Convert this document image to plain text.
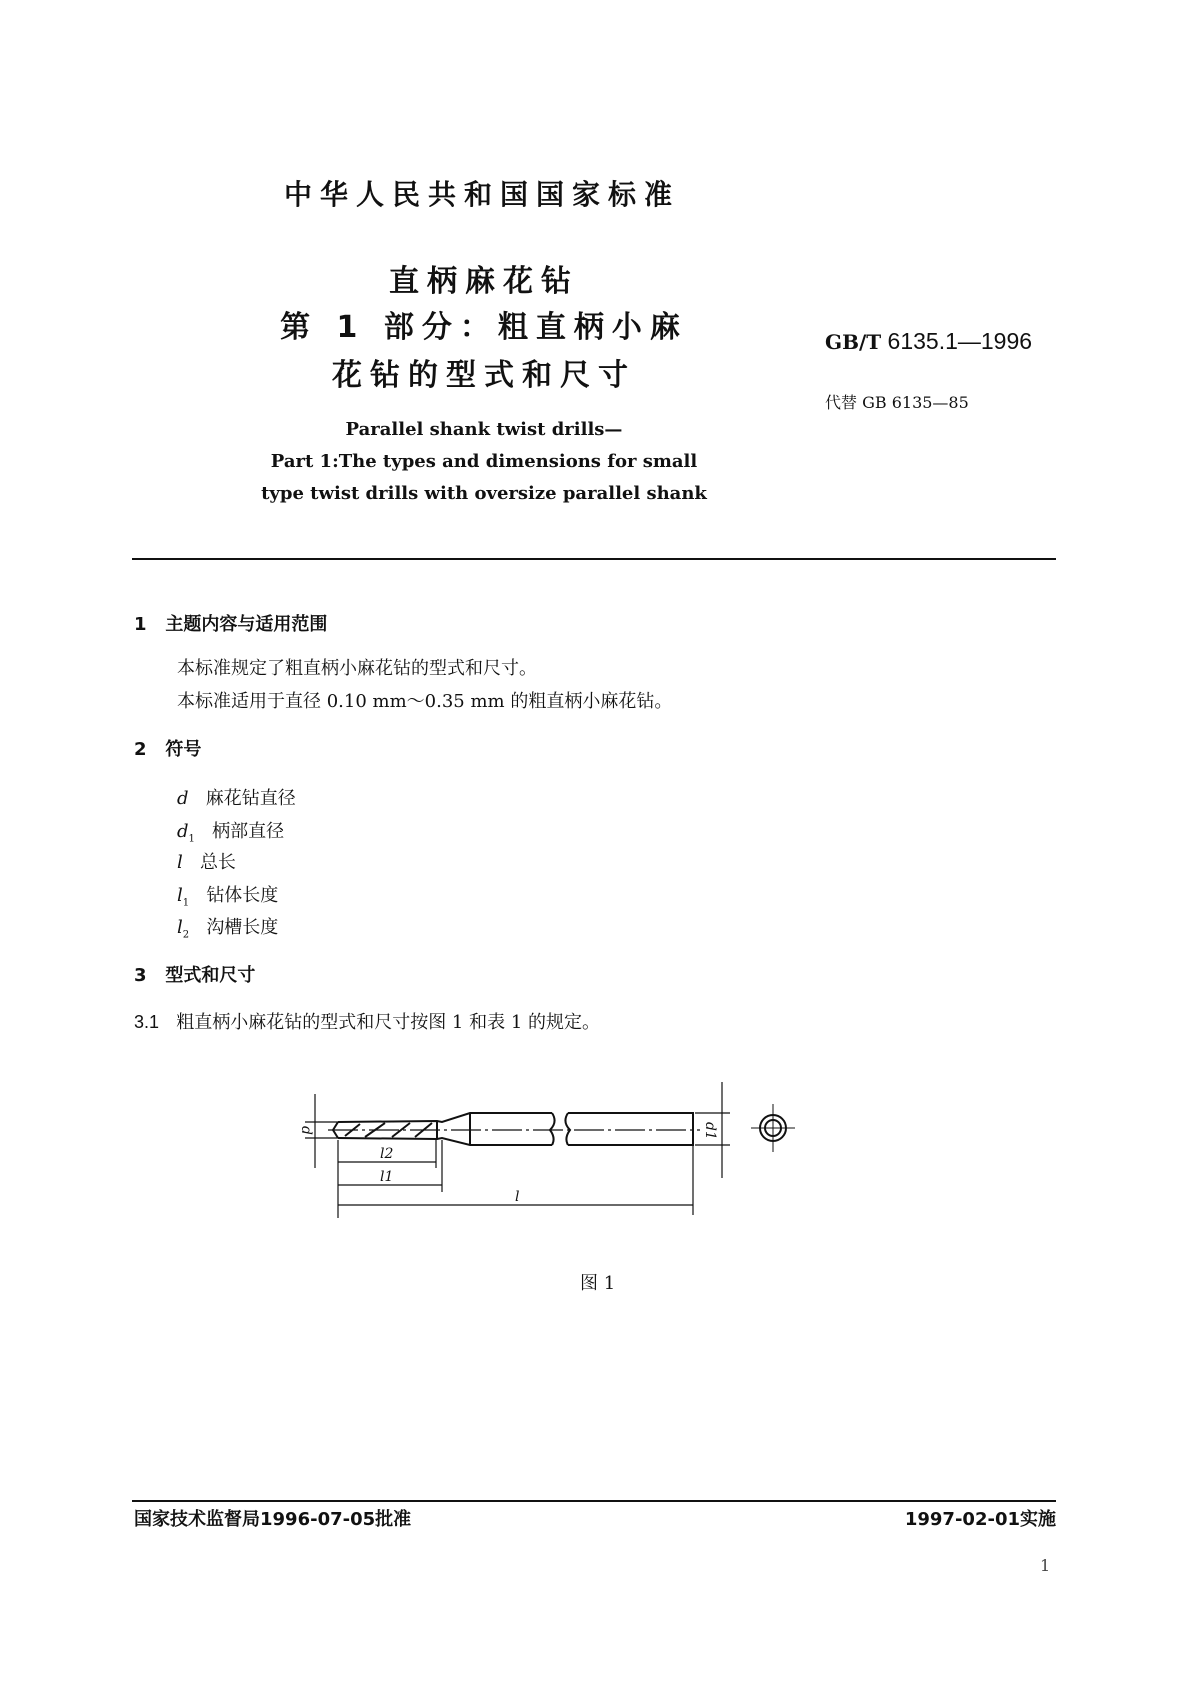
中华人民共和国国家标准
直柄麻花钻
第 1 部分：粗直柄小麻
花钻的型式和尺寸
GB/T 6135.1—1996
代替 GB 6135—85
Parallel shank twist drills—
Part 1:The types and dimensions for small
type twist drills with oversize parallel shank
1 主题内容与适用范围
本标准规定了粗直柄小麻花钻的型式和尺寸。
本标准适用于直径 0.10 mm～0.35 mm 的粗直柄小麻花钻。
2 符号
d 麻花钻直径
$d_1$ 柄部直径
l 总长
$l_1$ 钻体长度
$l_2$ 沟槽长度
3 型式和尺寸
3.1 粗直柄小麻花钻的型式和尺寸按图 1 和表 1 的规定。
d	d1
l2
l1
l
图 1
国家技术监督局1996-07-05批准	1997-02-01实施
1
